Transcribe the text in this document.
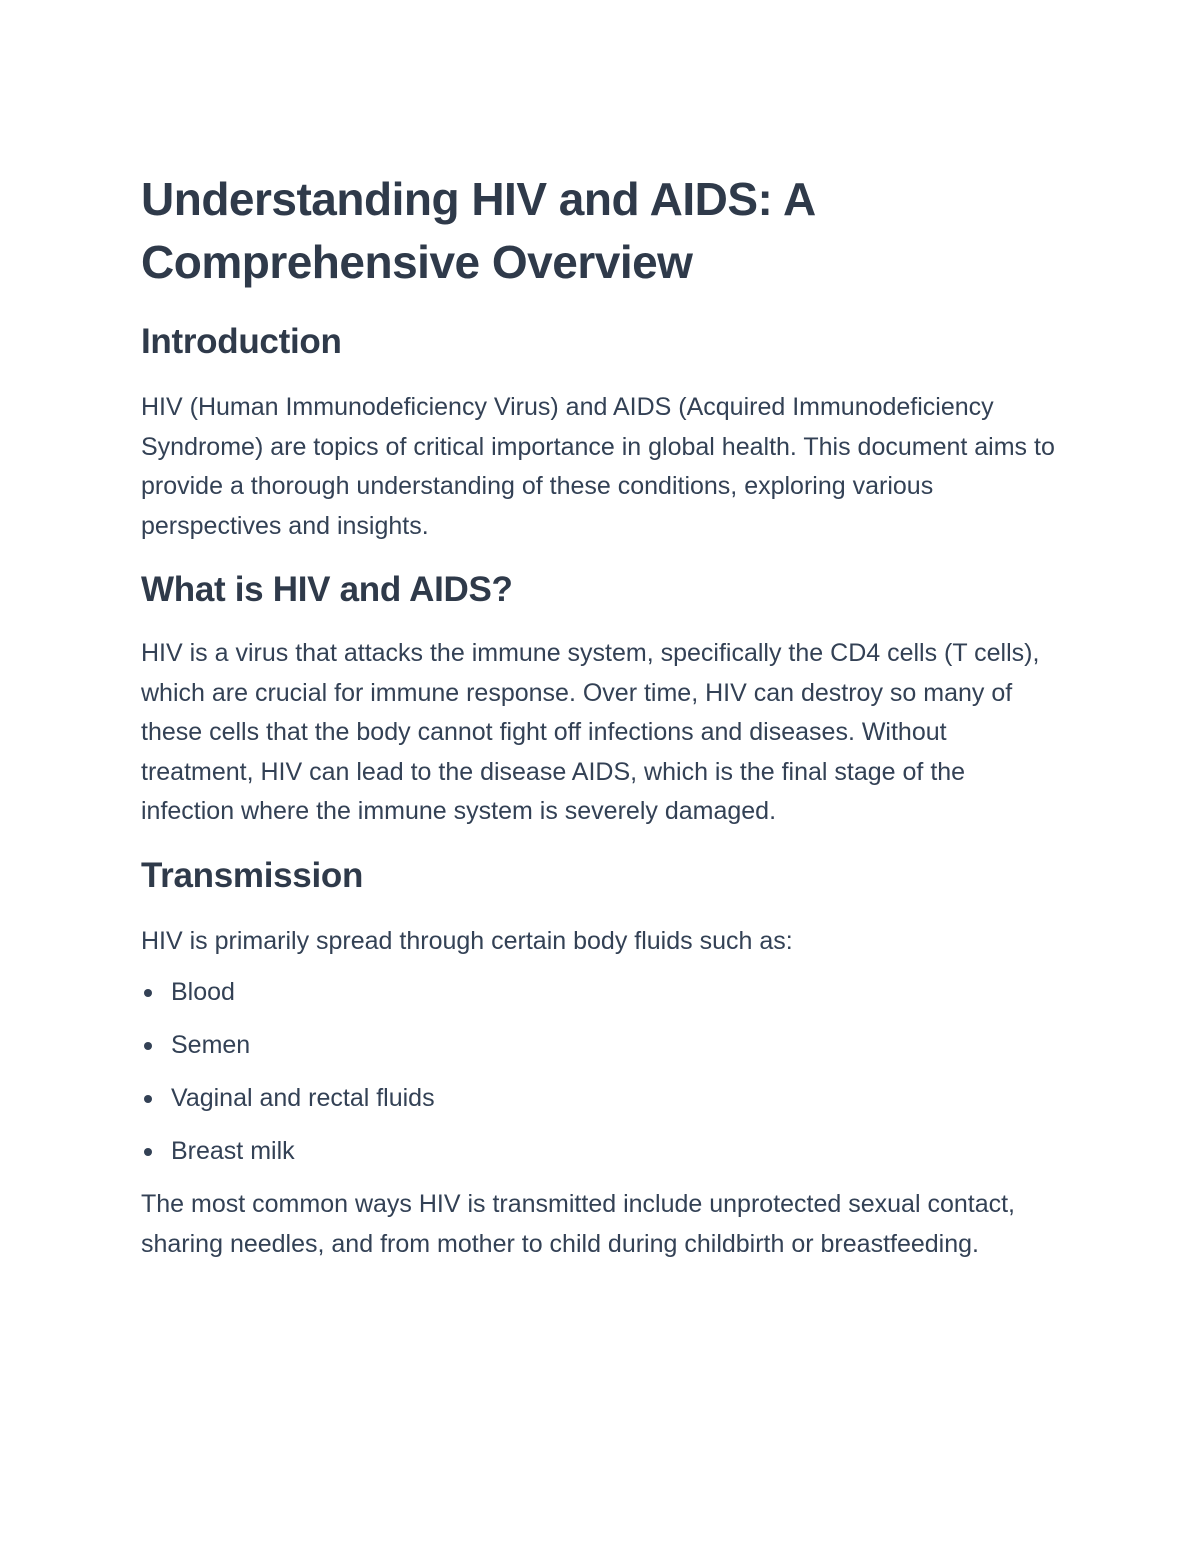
Understanding HIV and AIDS: A Comprehensive Overview
Introduction

HIV (Human Immunodeficiency Virus) and AIDS (Acquired Immunodeficiency Syndrome) are topics of critical importance in global health. This document aims to provide a thorough understanding of these conditions, exploring various perspectives and insights.

What is HIV and AIDS?

HIV is a virus that attacks the immune system, specifically the CD4 cells (T cells), which are crucial for immune response. Over time, HIV can destroy so many of these cells that the body cannot fight off infections and diseases. Without treatment, HIV can lead to the disease AIDS, which is the final stage of the infection where the immune system is severely damaged.

Transmission

HIV is primarily spread through certain body fluids such as:

Blood
Semen
Vaginal and rectal fluids
Breast milk

The most common ways HIV is transmitted include unprotected sexual contact, sharing needles, and from mother to child during childbirth or breastfeeding.
